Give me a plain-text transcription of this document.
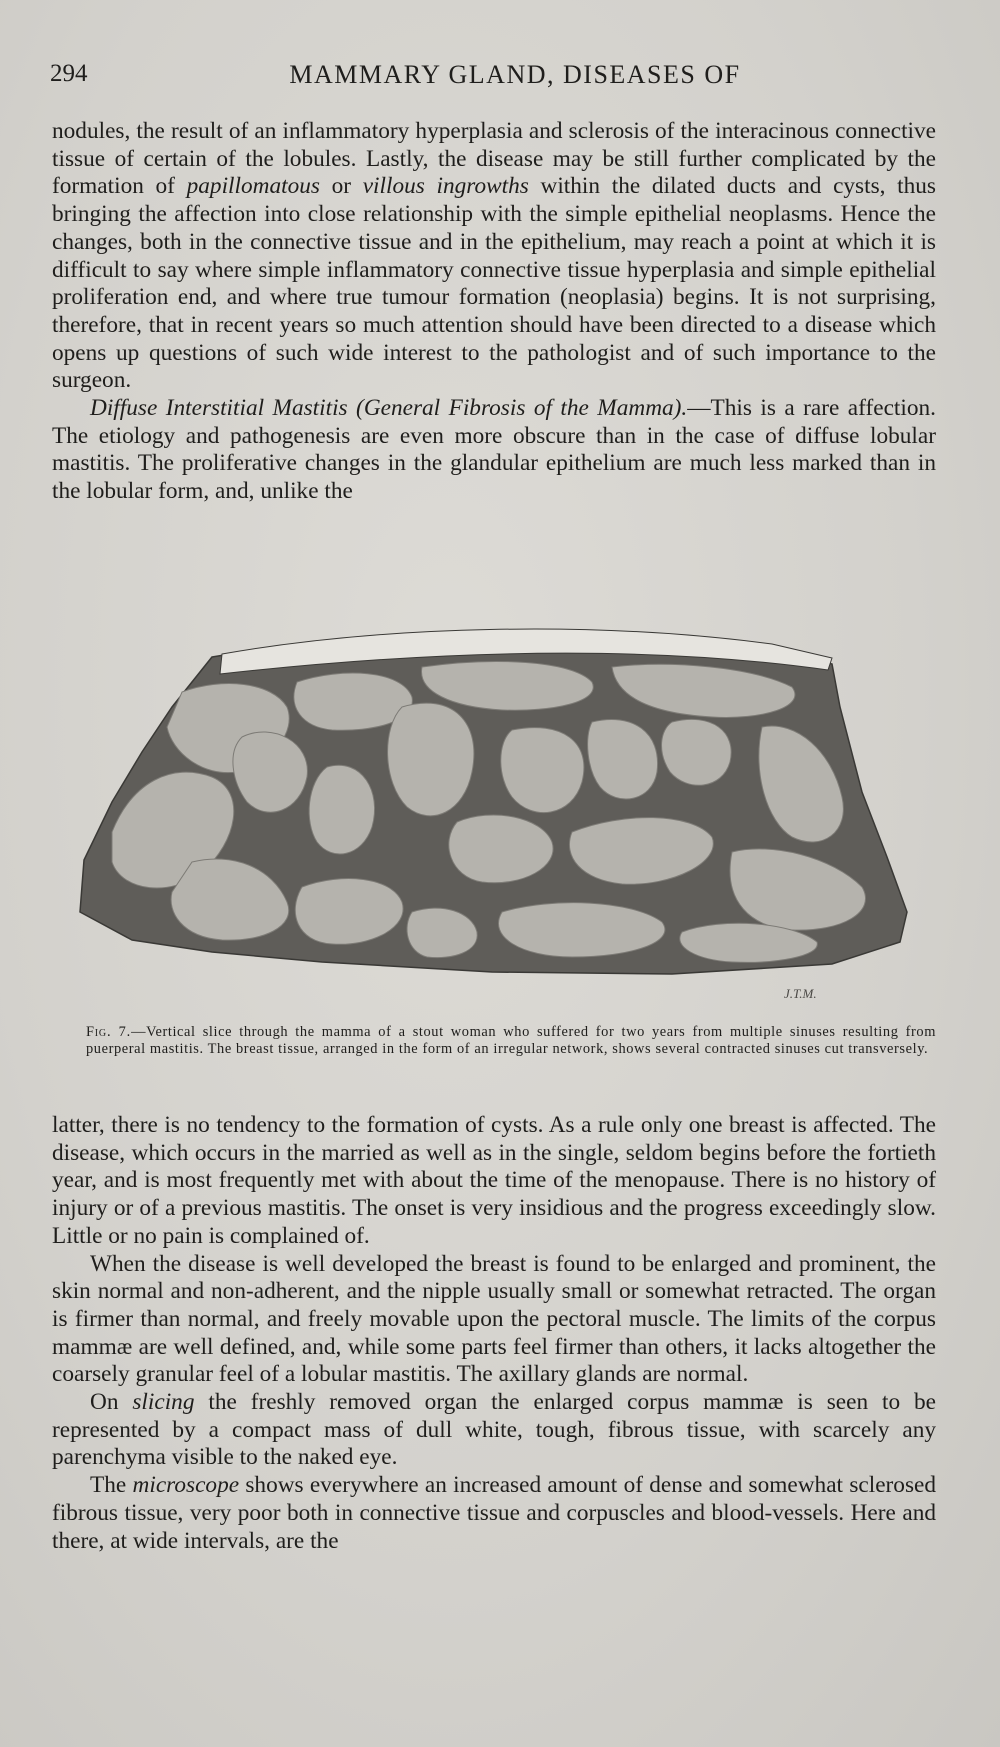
294	MAMMARY GLAND, DISEASES OF

nodules, the result of an inflammatory hyperplasia and sclerosis of the interacinous connective tissue of certain of the lobules. Lastly, the disease may be still further complicated by the formation of papillomatous or villous ingrowths within the dilated ducts and cysts, thus bringing the affection into close relationship with the simple epithelial neoplasms. Hence the changes, both in the connective tissue and in the epithelium, may reach a point at which it is difficult to say where simple inflammatory connective tissue hyperplasia and simple epithelial proliferation end, and where true tumour formation (neoplasia) begins. It is not surprising, therefore, that in recent years so much attention should have been directed to a disease which opens up questions of such wide interest to the pathologist and of such importance to the surgeon.

Diffuse Interstitial Mastitis (General Fibrosis of the Mamma).—This is a rare affection. The etiology and pathogenesis are even more obscure than in the case of diffuse lobular mastitis. The proliferative changes in the glandular epithelium are much less marked than in the lobular form, and, unlike the

J.T.M.

Fig. 7.—Vertical slice through the mamma of a stout woman who suffered for two years from multiple sinuses resulting from puerperal mastitis. The breast tissue, arranged in the form of an irregular network, shows several contracted sinuses cut transversely.

latter, there is no tendency to the formation of cysts. As a rule only one breast is affected. The disease, which occurs in the married as well as in the single, seldom begins before the fortieth year, and is most frequently met with about the time of the menopause. There is no history of injury or of a previous mastitis. The onset is very insidious and the progress exceedingly slow. Little or no pain is complained of.

When the disease is well developed the breast is found to be enlarged and prominent, the skin normal and non-adherent, and the nipple usually small or somewhat retracted. The organ is firmer than normal, and freely movable upon the pectoral muscle. The limits of the corpus mammæ are well defined, and, while some parts feel firmer than others, it lacks altogether the coarsely granular feel of a lobular mastitis. The axillary glands are normal.

On slicing the freshly removed organ the enlarged corpus mammæ is seen to be represented by a compact mass of dull white, tough, fibrous tissue, with scarcely any parenchyma visible to the naked eye.

The microscope shows everywhere an increased amount of dense and somewhat sclerosed fibrous tissue, very poor both in connective tissue and corpuscles and blood-vessels. Here and there, at wide intervals, are the
